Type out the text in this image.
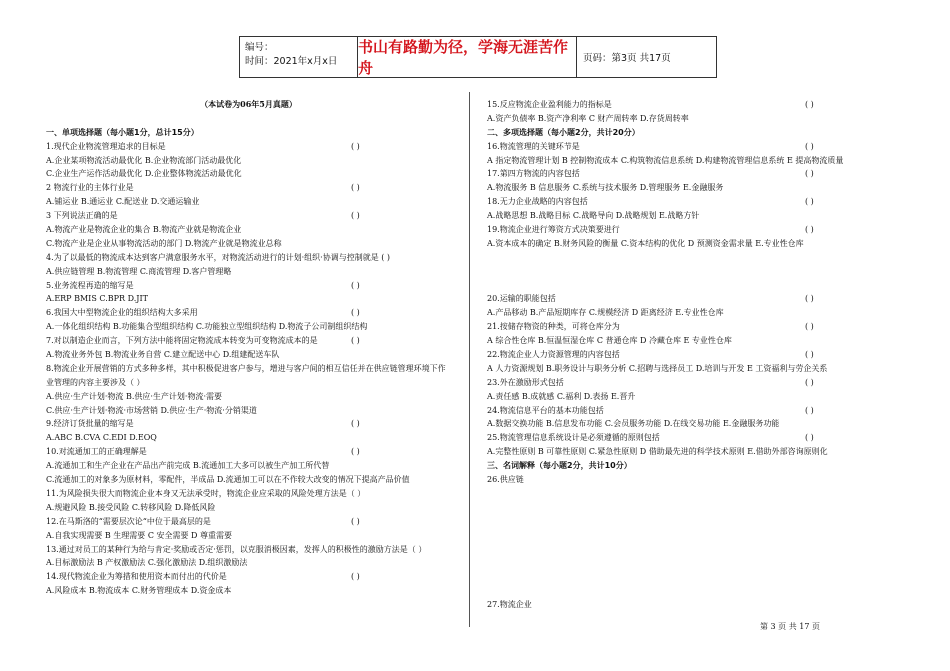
编号：
时间：2021年x月x日
书山有路勤为径，学海无涯苦作舟
页码：第3页 共17页
（本试卷为06年5月真题）
一、单项选择题（每小题1分，总计15分）
1.现代企业物流管理追求的目标是	( )
A.企业某项物流活动最优化 B.企业物流部门活动最优化
C.企业生产运作活动最优化 D.企业整体物流活动最优化
2 物流行业的主体行业是	( )
A.铺运业 B.通运业 C.配送业 D.交通运输业
3 下列说法正确的是	( )
A.物流产业是物流企业的集合 B.物流产业就是物流企业
C.物流产业是企业从事物流活动的部门 D.物流产业就是物流业总称
4.为了以最低的物流成本达到客户满意服务水平，对物流活动进行的计划·组织·协调与控制就是 ( )
A.供应链管理 B.物流管理 C.商流管理 D.客户管理略
5.业务流程再造的缩写是	( )
A.ERP BMIS C.BPR D.JIT
6.我国大中型物流企业的组织结构大多采用	( )
A.一体化组织结构 B.功能集合型组织结构 C.功能独立型组织结构 D.物流子公司制组织结构
7.对以制造企业而言，下列方法中能将固定物流成本转变为可变物流成本的是	( )
A.物流业务外包 B.物流业务自营 C.建立配送中心 D.组建配送车队
8.物流企业开展营销的方式多种多样，其中积极促进客户参与，增进与客户间的相互信任并在供应链管理环境下作
业管理的内容主要涉及（ ）
A.供应·生产计划·物流 B.供应·生产计划·物流·需要
C.供应·生产计划·物流·市场营销 D.供应·生产·物流·分销渠道
9.经济订货批量的缩写是	( )
A.ABC B.CVA C.EDI D.EOQ
10.对流通加工的正确理解是	( )
A.流通加工和生产企业在产品出产前完成 B.流通加工大多可以被生产加工所代替
C.流通加工的对象多为原材料，零配件，半成品 D.流通加工可以在不作较大改变的情况下提高产品价值
11.为风险损失很大而物流企业本身又无法承受时，物流企业应采取的风险处理方法是（ ）
A.规避风险 B.接受风险 C.转移风险 D.降低风险
12.在马斯洛的“需要层次论“中位于最高层的是	( )
A.自我实现需要 B 生理需要 C 安全需要 D 尊重需要
13.通过对员工的某种行为给与肯定·奖励或否定·惩罚，以克服消极因素，发挥人的积极性的激励方法是（ ）
A.目标激励法 B 产权激励法 C.强化激励法 D.组织激励法
14.现代物流企业为筹措和使用资本而付出的代价是	( )
A.风险成本 B.物流成本 C.财务管理成本 D.资金成本
15.反应物流企业盈利能力的指标是	( )
A.资产负债率 B.资产净利率 C 财产周转率 D.存货周转率
二、多项选择题（每小题2分，共计20分）
16.物流管理的关键环节是	( )
A 指定物流管理计划 B 控制物流成本 C.构筑物流信息系统 D.构建物流管理信息系统 E 提高物流质量
17.第四方物流的内容包括	( )
A.物流服务 B 信息服务 C.系统与技术服务 D.管理服务 E.金融服务
18.无力企业战略的内容包括	( )
A.战略思想 B.战略目标 C.战略导向 D.战略规划 E.战略方针
19.物流企业进行筹资方式决策要进行	( )
A.资本成本的确定 B.财务风险的衡量 C.资本结构的优化 D 预测资金需求量 E.专业性仓库
20.运输的职能包括	( )
A.产品移动 B.产品短期库存 C.规模经济 D 距离经济 E.专业性仓库
21.按储存物资的种类，可将仓库分为	( )
A 综合性仓库 B.恒温恒湿仓库 C 普通仓库 D 冷藏仓库 E 专业性仓库
22.物流企业人力资源管理的内容包括	( )
A 人力资源规划 B.职务设计与职务分析 C.招聘与选择员工 D.培训与开发 E 工资福利与劳企关系
23.外在激励形式包括	( )
A.责任感 B.成就感 C.福利 D.表扬 E.晋升
24.物流信息平台的基本功能包括	( )
A.数据交换功能 B.信息发布功能 C.会员服务功能 D.在线交易功能 E.金融服务功能
25.物流管理信息系统设计是必须遵循的原则包括	( )
A.完整性原则 B 可靠性原则 C.紧急性原则 D 借助最先进的科学技术原则 E.借助外部咨询原则化
三、名词解释（每小题2分，共计10分）
26.供应链
27.物流企业
第 3 页 共 17 页
